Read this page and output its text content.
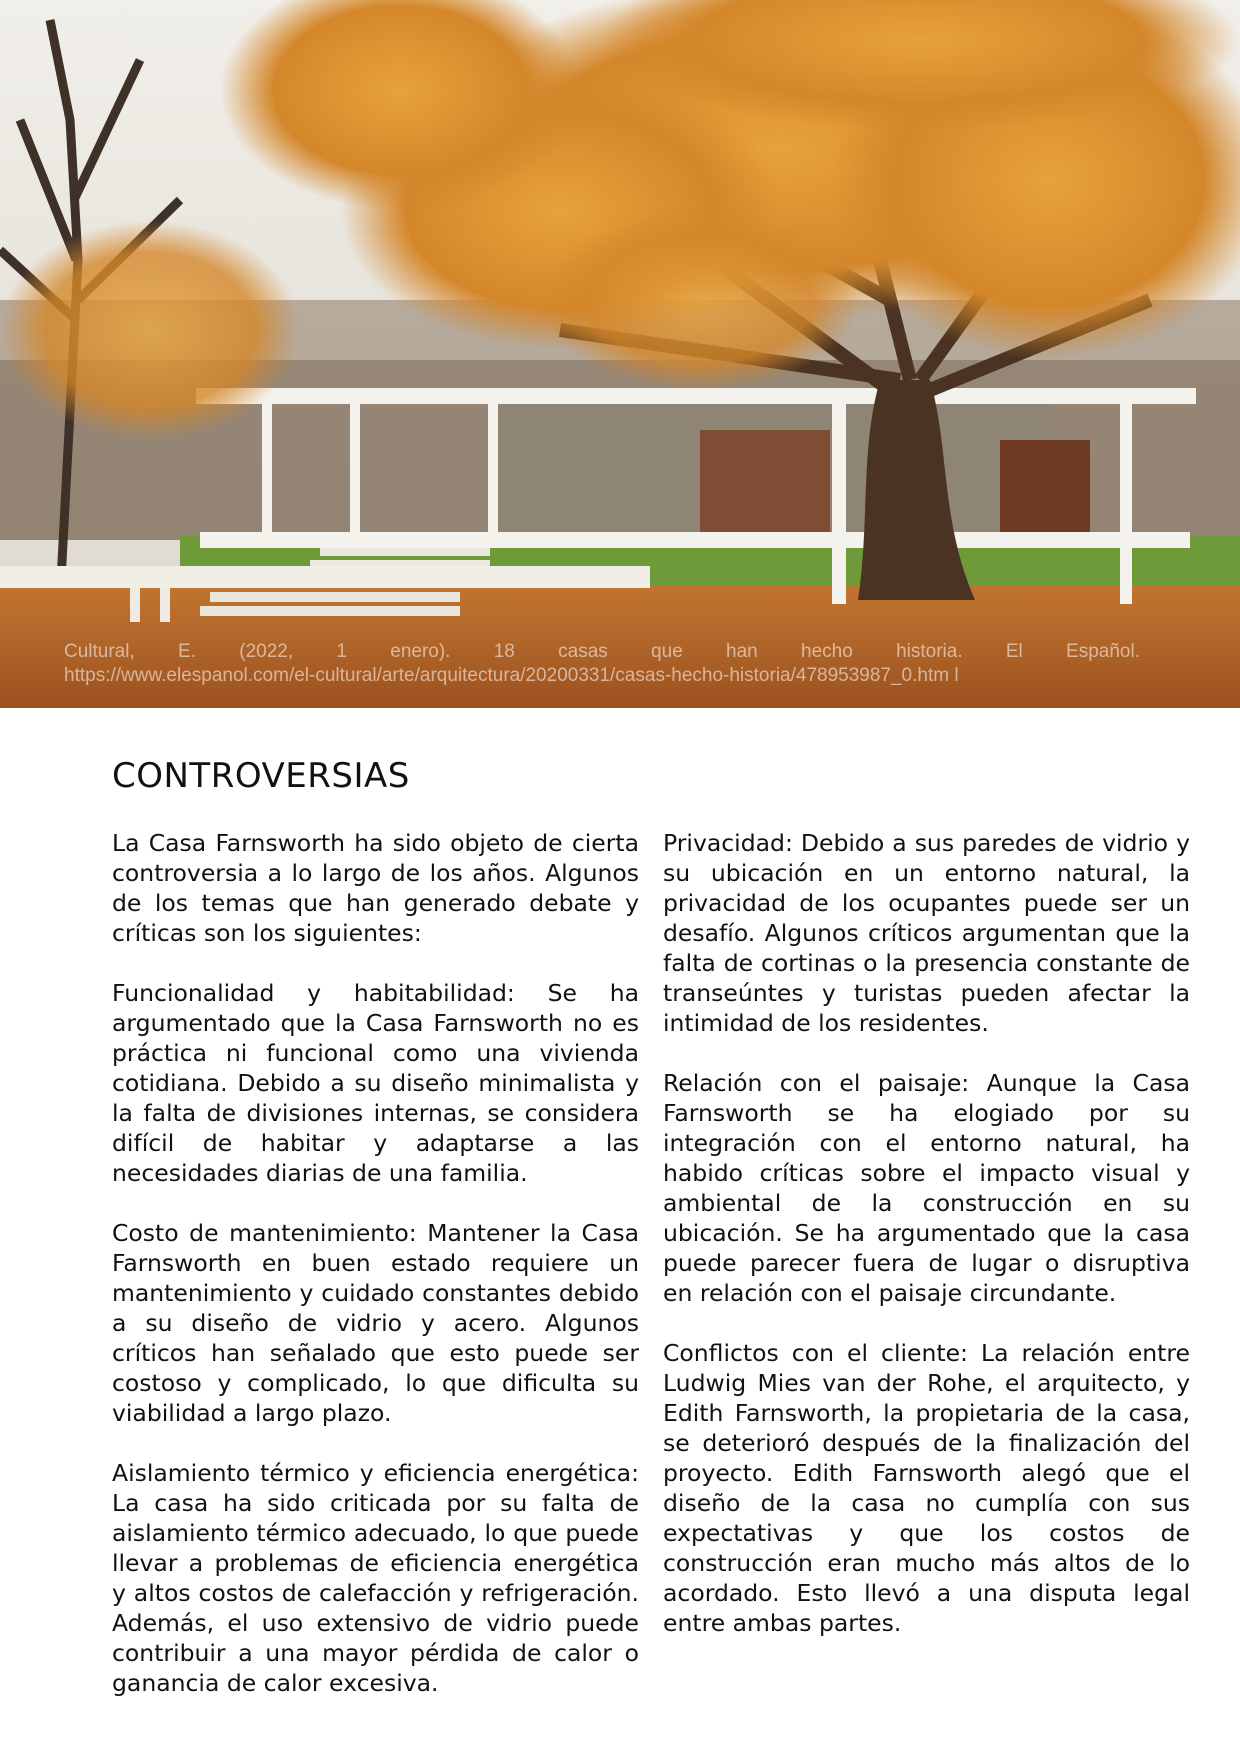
Cultural, E. (2022, 1 enero). 18 casas que han hecho historia. El Español.
https://www.elespanol.com/el-cultural/arte/arquitectura/20200331/casas-hecho-historia/478953987_0.htm l
CONTROVERSIAS

La Casa Farnsworth ha sido objeto de cierta controversia a lo largo de los años. Algunos de los temas que han generado debate y críticas son los siguientes:

Funcionalidad y habitabilidad: Se ha argumentado que la Casa Farnsworth no es práctica ni funcional como una vivienda cotidiana. Debido a su diseño minimalista y la falta de divisiones internas, se considera difícil de habitar y adaptarse a las necesidades diarias de una familia.

Costo de mantenimiento: Mantener la Casa Farnsworth en buen estado requiere un mantenimiento y cuidado constantes debido a su diseño de vidrio y acero. Algunos críticos han señalado que esto puede ser costoso y complicado, lo que dificulta su viabilidad a largo plazo.

Aislamiento térmico y eficiencia energética: La casa ha sido criticada por su falta de aislamiento térmico adecuado, lo que puede llevar a problemas de eficiencia energética y altos costos de calefacción y refrigeración. Además, el uso extensivo de vidrio puede contribuir a una mayor pérdida de calor o ganancia de calor excesiva.

Privacidad: Debido a sus paredes de vidrio y su ubicación en un entorno natural, la privacidad de los ocupantes puede ser un desafío. Algunos críticos argumentan que la falta de cortinas o la presencia constante de transeúntes y turistas pueden afectar la intimidad de los residentes.

Relación con el paisaje: Aunque la Casa Farnsworth se ha elogiado por su integración con el entorno natural, ha habido críticas sobre el impacto visual y ambiental de la construcción en su ubicación. Se ha argumentado que la casa puede parecer fuera de lugar o disruptiva en relación con el paisaje circundante.

Conflictos con el cliente: La relación entre Ludwig Mies van der Rohe, el arquitecto, y Edith Farnsworth, la propietaria de la casa, se deterioró después de la finalización del proyecto. Edith Farnsworth alegó que el diseño de la casa no cumplía con sus expectativas y que los costos de construcción eran mucho más altos de lo acordado. Esto llevó a una disputa legal entre ambas partes.
